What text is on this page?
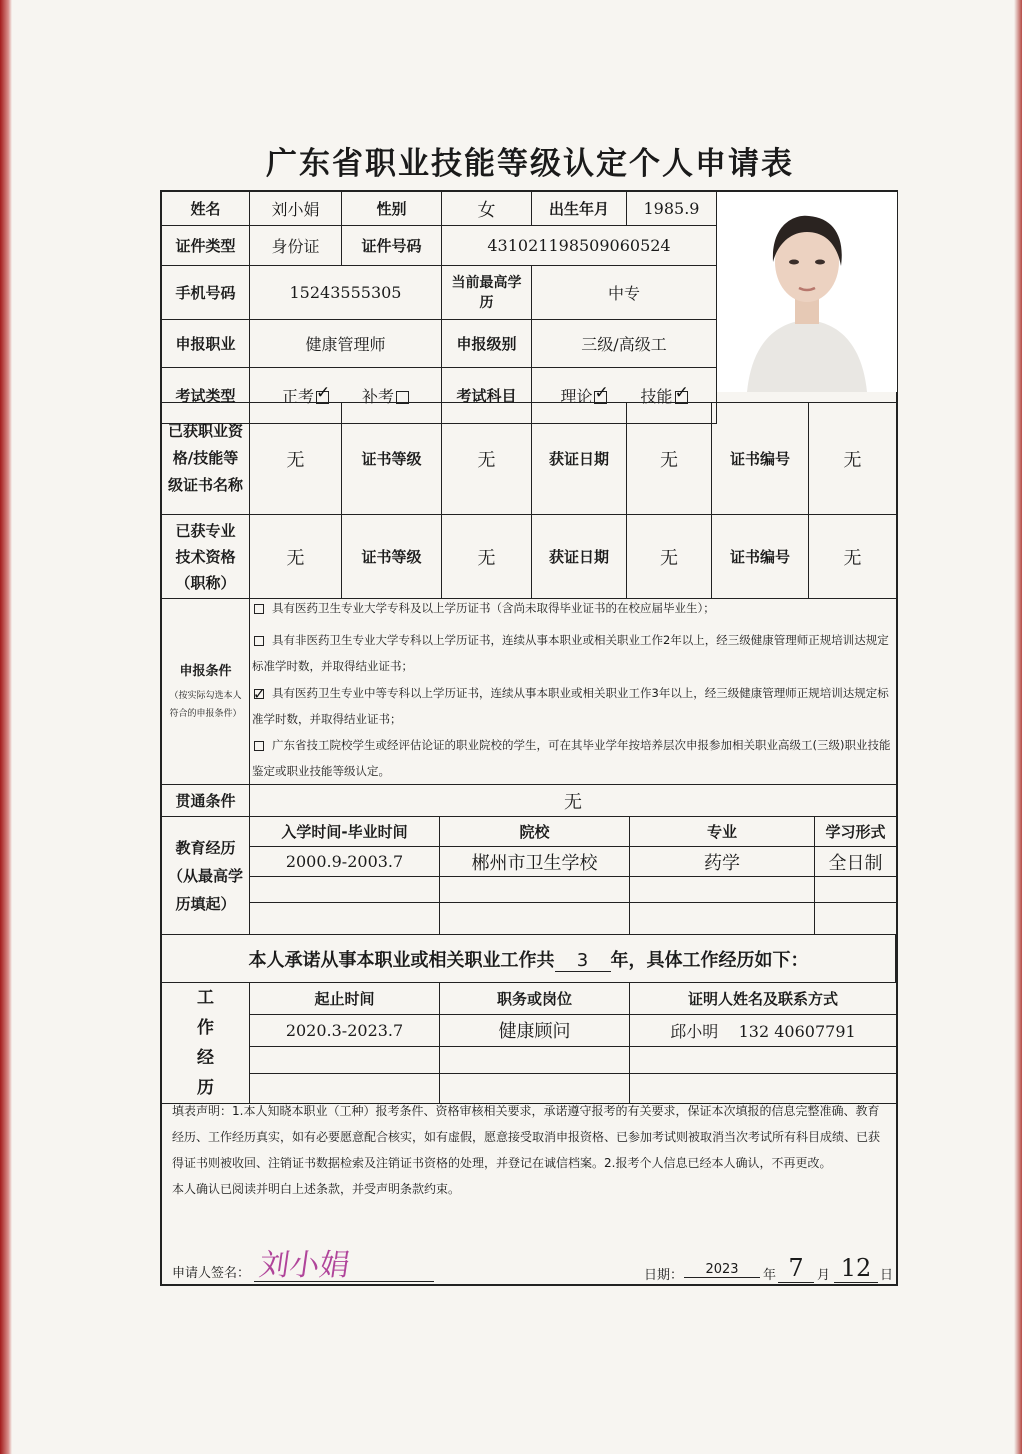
广东省职业技能等级认定个人申请表
姓名	刘小娟	性别	女	出生年月	1985.9
证件类型	身份证	证件号码	431021198509060524		
手机号码	15243555305		当前最高学历	中专	
申报职业	健康管理师		申报级别	三级/高级工	
考试类型	正考 ✓ 补考		考试科目	理论 ✓ 技能✓
已获职业资格/技能等级证书名称	无	证书等级	无	获证日期	无	证书编号	无
已获专业技术资格（职称）	无	证书等级	无	获证日期	无	证书编号	无
申报条件
（按实际勾选本人符合的申报条件）

具有医药卫生专业大学专科及以上学历证书（含尚未取得毕业证书的在校应届毕业生）；
具有非医药卫生专业大学专科以上学历证书，连续从事本职业或相关职业工作2年以上，经三级健康管理师正规培训达规定标准学时数，并取得结业证书；
✓具有医药卫生专业中等专科以上学历证书，连续从事本职业或相关职业工作3年以上，经三级健康管理师正规培训达规定标准学时数，并取得结业证书；
广东省技工院校学生或经评估论证的职业院校的学生，可在其毕业学年按培养层次申报参加相关职业高级工(三级)职业技能鉴定或职业技能等级认定。
贯通条件	无
教育经历（从最高学历填起）	入学时间-毕业时间	院校	专业	学习形式
	2000.9-2003.7	郴州市卫生学校	药学	全日制

本人承诺从事本职业或相关职业工作共 3 年，具体工作经历如下：
工作经历	起止时间	职务或岗位	证明人姓名及联系方式
	2020.3-2023.7	健康顾问	邱小明    132 40607791

填表声明：1.本人知晓本职业（工种）报考条件、资格审核相关要求，承诺遵守报考的有关要求，保证本次填报的信息完整准确、教育经历、工作经历真实，如有必要愿意配合核实，如有虚假，愿意接受取消申报资格、已参加考试则被取消当次考试所有科目成绩、已获得证书则被收回、注销证书数据检索及注销证书资格的处理，并登记在诚信档案。2.报考个人信息已经本人确认，不再更改。
本人确认已阅读并明白上述条款，并受声明条款约束。
申请人签名： 刘小娟	日期：	2023	年 7	月 12 日
